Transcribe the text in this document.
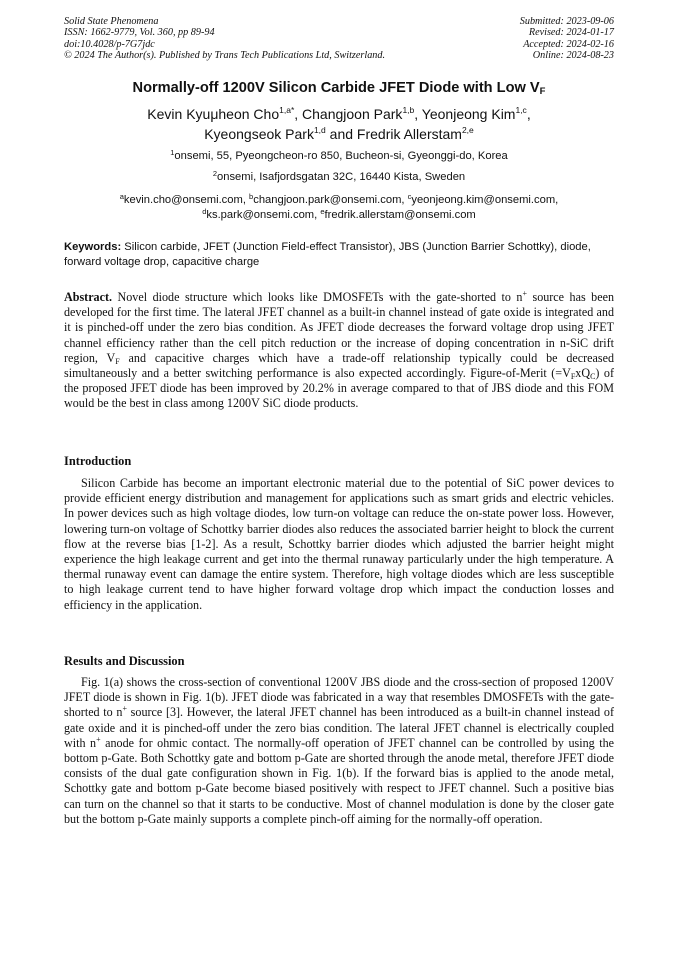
Solid State Phenomena
ISSN: 1662-9779, Vol. 360, pp 89-94
doi:10.4028/p-7G7jdc
© 2024 The Author(s). Published by Trans Tech Publications Ltd, Switzerland.
Submitted: 2023-09-06
Revised: 2024-01-17
Accepted: 2024-02-16
Online: 2024-08-23
Normally-off 1200V Silicon Carbide JFET Diode with Low $V_F$
Kevin Kyuμheon Cho$^{1,a*}$, Changjoon Park$^{1,b}$, Yeonjeong Kim$^{1,c}$,
Kyeongseok Park$^{1,d}$ and Fredrik Allerstam$^{2,e}$
$^1$onsemi, 55, Pyeongcheon-ro 850, Bucheon-si, Gyeonggi-do, Korea
$^2$onsemi, Isafjordsgatan 32C, 16440 Kista, Sweden
$^a$kevin.cho@onsemi.com, $^b$changjoon.park@onsemi.com, $^c$yeonjeong.kim@onsemi.com,
$^d$ks.park@onsemi.com, $^e$fredrik.allerstam@onsemi.com
Keywords: Silicon carbide, JFET (Junction Field-effect Transistor), JBS (Junction Barrier Schottky), diode, forward voltage drop, capacitive charge
Abstract. Novel diode structure which looks like DMOSFETs with the gate-shorted to n+ source has been developed for the first time. The lateral JFET channel as a built-in channel instead of gate oxide is integrated and it is pinched-off under the zero bias condition. As JFET diode decreases the forward voltage drop using JFET channel efficiency rather than the cell pitch reduction or the increase of doping concentration in n-SiC drift region, $V_F$ and capacitive charges which have a trade-off relationship typically could be decreased simultaneously and a better switching performance is also expected accordingly. Figure-of-Merit $(=V_FxQ_C)$ of the proposed JFET diode has been improved by 20.2% in average compared to that of JBS diode and this FOM would be the best in class among 1200V SiC diode products.
Introduction
Silicon Carbide has become an important electronic material due to the potential of SiC power devices to provide efficient energy distribution and management for applications such as smart grids and electric vehicles. In power devices such as high voltage diodes, low turn-on voltage can reduce the on-state power loss. However, lowering turn-on voltage of Schottky barrier diodes also reduces the associated barrier height to block the current flow at the reverse bias [1-2]. As a result, Schottky barrier diodes which adjusted the barrier height might experience the high leakage current and get into the thermal runaway particularly under the high temperature. A thermal runaway event can damage the entire system. Therefore, high voltage diodes which are less susceptible to high leakage current tend to have higher forward voltage drop which impact the conduction losses and efficiency in the application.
Results and Discussion
Fig. 1(a) shows the cross-section of conventional 1200V JBS diode and the cross-section of proposed 1200V JFET diode is shown in Fig. 1(b). JFET diode was fabricated in a way that resembles DMOSFETs with the gate-shorted to n+ source [3]. However, the lateral JFET channel has been introduced as a built-in channel instead of gate oxide and it is pinched-off under the zero bias condition. The lateral JFET channel is electrically coupled with n+ anode for ohmic contact. The normally-off operation of JFET channel can be controlled by using the bottom p-Gate. Both Schottky gate and bottom p-Gate are shorted through the anode metal, therefore JFET diode consists of the dual gate configuration shown in Fig. 1(b). If the forward bias is applied to the anode metal, Schottky gate and bottom p-Gate become biased positively with respect to JFET channel. Such a positive bias can turn on the channel so that it starts to be conductive. Most of channel modulation is done by the closer gate but the bottom p-Gate mainly supports a complete pinch-off aiming for the normally-off operation.
